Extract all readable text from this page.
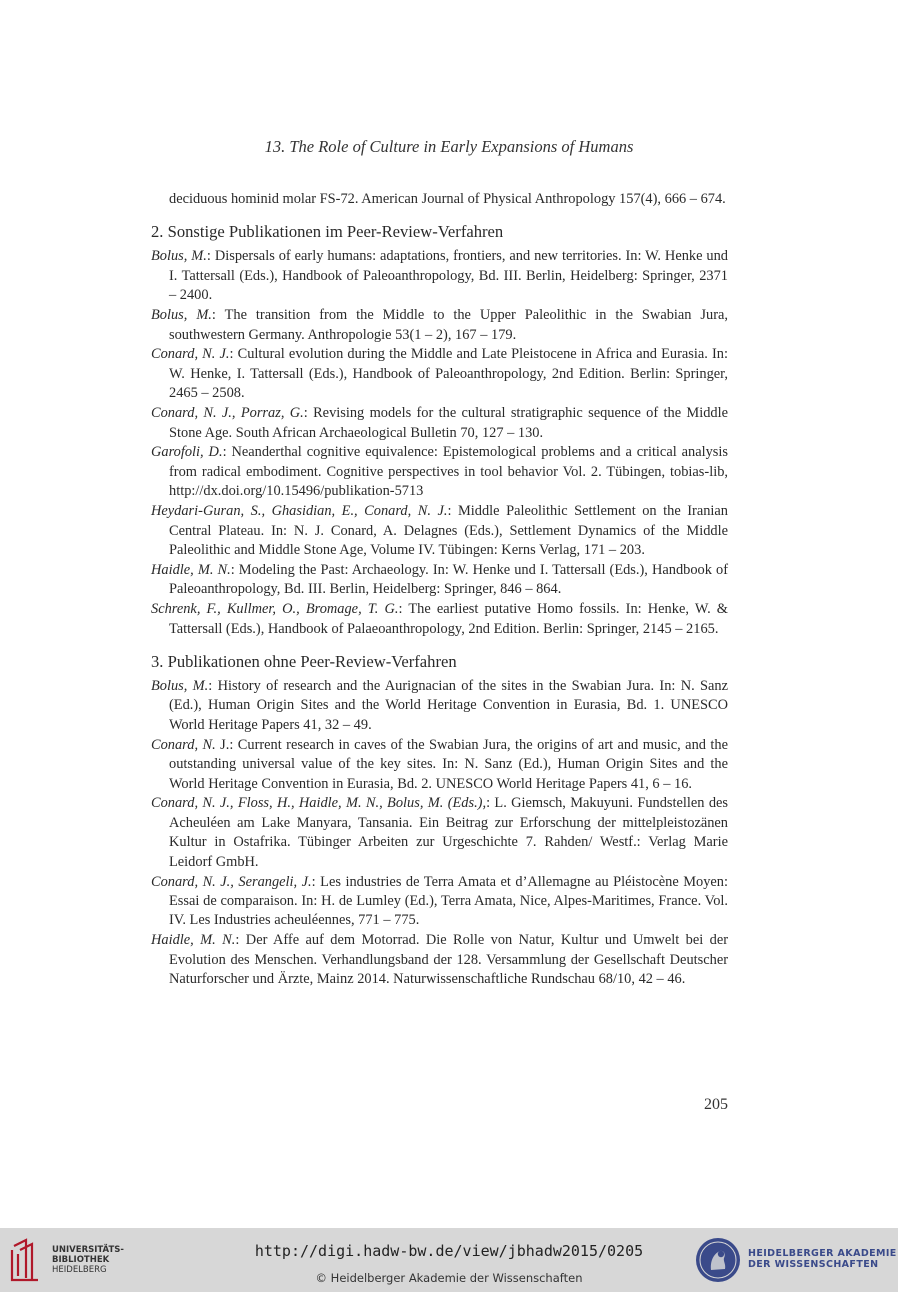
13. The Role of Culture in Early Expansions of Humans
deciduous hominid molar FS-72. American Journal of Physical Anthropology 157(4), 666 – 674.
2. Sonstige Publikationen im Peer-Review-Verfahren
Bolus, M.: Dispersals of early humans: adaptations, frontiers, and new territories. In: W. Henke und I. Tattersall (Eds.), Handbook of Paleoanthropology, Bd. III. Berlin, Heidelberg: Springer, 2371 – 2400.
Bolus, M.: The transition from the Middle to the Upper Paleolithic in the Swabian Jura, southwestern Germany. Anthropologie 53(1 – 2), 167 – 179.
Conard, N. J.: Cultural evolution during the Middle and Late Pleistocene in Africa and Eurasia. In: W. Henke, I. Tattersall (Eds.), Handbook of Paleoanthropology, 2nd Edition. Berlin: Springer, 2465 – 2508.
Conard, N. J., Porraz, G.: Revising models for the cultural stratigraphic sequence of the Middle Stone Age. South African Archaeological Bulletin 70, 127 – 130.
Garofoli, D.: Neanderthal cognitive equivalence: Epistemological problems and a critical analysis from radical embodiment. Cognitive perspectives in tool behavior Vol. 2. Tübingen, tobias-lib, http://dx.doi.org/10.15496/publikation-5713
Heydari-Guran, S., Ghasidian, E., Conard, N. J.: Middle Paleolithic Settlement on the Iranian Central Plateau. In: N. J. Conard, A. Delagnes (Eds.), Settlement Dynamics of the Middle Paleolithic and Middle Stone Age, Volume IV. Tübingen: Kerns Verlag, 171 – 203.
Haidle, M. N.: Modeling the Past: Archaeology. In: W. Henke und I. Tattersall (Eds.), Handbook of Paleoanthropology, Bd. III. Berlin, Heidelberg: Springer, 846 – 864.
Schrenk, F., Kullmer, O., Bromage, T. G.: The earliest putative Homo fossils. In: Henke, W. & Tattersall (Eds.), Handbook of Palaeoanthropology, 2nd Edition. Berlin: Springer, 2145 – 2165.
3. Publikationen ohne Peer-Review-Verfahren
Bolus, M.: History of research and the Aurignacian of the sites in the Swabian Jura. In: N. Sanz (Ed.), Human Origin Sites and the World Heritage Convention in Eurasia, Bd. 1. UNESCO World Heritage Papers 41, 32 – 49.
Conard, N. J.: Current research in caves of the Swabian Jura, the origins of art and music, and the outstanding universal value of the key sites. In: N. Sanz (Ed.), Human Origin Sites and the World Heritage Convention in Eurasia, Bd. 2. UNESCO World Heritage Papers 41, 6 – 16.
Conard, N. J., Floss, H., Haidle, M. N., Bolus, M. (Eds.),: L. Giemsch, Makuyuni. Fundstellen des Acheuléen am Lake Manyara, Tansania. Ein Beitrag zur Erforschung der mittelpleistozänen Kultur in Ostafrika. Tübinger Arbeiten zur Urgeschichte 7. Rahden/ Westf.: Verlag Marie Leidorf GmbH.
Conard, N. J., Serangeli, J.: Les industries de Terra Amata et d’Allemagne au Pléistocène Moyen: Essai de comparaison. In: H. de Lumley (Ed.), Terra Amata, Nice, Alpes-Maritimes, France. Vol. IV. Les Industries acheuléennes, 771 – 775.
Haidle, M. N.: Der Affe auf dem Motorrad. Die Rolle von Natur, Kultur und Umwelt bei der Evolution des Menschen. Verhandlungsband der 128. Versammlung der Gesellschaft Deutscher Naturforscher und Ärzte, Mainz 2014. Naturwissenschaftliche Rundschau 68/10, 42 – 46.
205
UNIVERSITÄTS-
BIBLIOTHEK
HEIDELBERG
http://digi.hadw-bw.de/view/jbhadw2015/0205
© Heidelberger Akademie der Wissenschaften
HEIDELBERGER AKADEMIE
DER WISSENSCHAFTEN
